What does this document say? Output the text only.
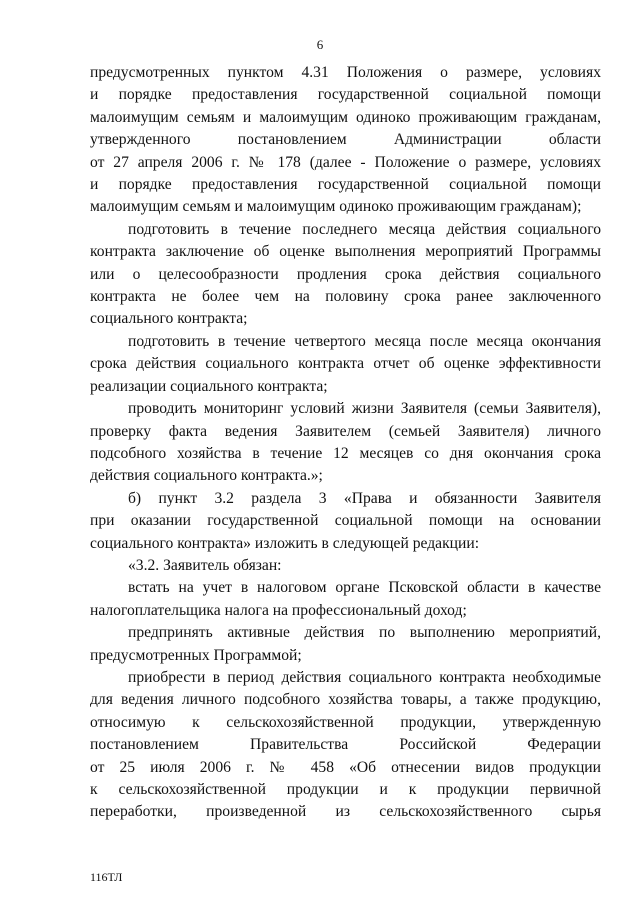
6

предусмотренных пунктом 4.31 Положения о размере, условиях
и порядке предоставления государственной социальной помощи
малоимущим семьям и малоимущим одиноко проживающим гражданам,
утвержденного постановлением Администрации области
от 27 апреля 2006 г. № 178 (далее - Положение о размере, условиях
и порядке предоставления государственной социальной помощи
малоимущим семьям и малоимущим одиноко проживающим гражданам);

подготовить в течение последнего месяца действия социального
контракта заключение об оценке выполнения мероприятий Программы
или о целесообразности продления срока действия социального
контракта не более чем на половину срока ранее заключенного
социального контракта;

подготовить в течение четвертого месяца после месяца окончания
срока действия социального контракта отчет об оценке эффективности
реализации социального контракта;

проводить мониторинг условий жизни Заявителя (семьи Заявителя),
проверку факта ведения Заявителем (семьей Заявителя) личного
подсобного хозяйства в течение 12 месяцев со дня окончания срока
действия социального контракта.»;

б) пункт 3.2 раздела 3 «Права и обязанности Заявителя
при оказании государственной социальной помощи на основании
социального контракта» изложить в следующей редакции:

«3.2. Заявитель обязан:

встать на учет в налоговом органе Псковской области в качестве
налогоплательщика налога на профессиональный доход;

предпринять активные действия по выполнению мероприятий,
предусмотренных Программой;

приобрести в период действия социального контракта необходимые
для ведения личного подсобного хозяйства товары, а также продукцию,
относимую к сельскохозяйственной продукции, утвержденную
постановлением Правительства Российской Федерации
от 25 июля 2006 г. № 458 «Об отнесении видов продукции
к сельскохозяйственной продукции и к продукции первичной
переработки, произведенной из сельскохозяйственного сырья

116ТЛ
